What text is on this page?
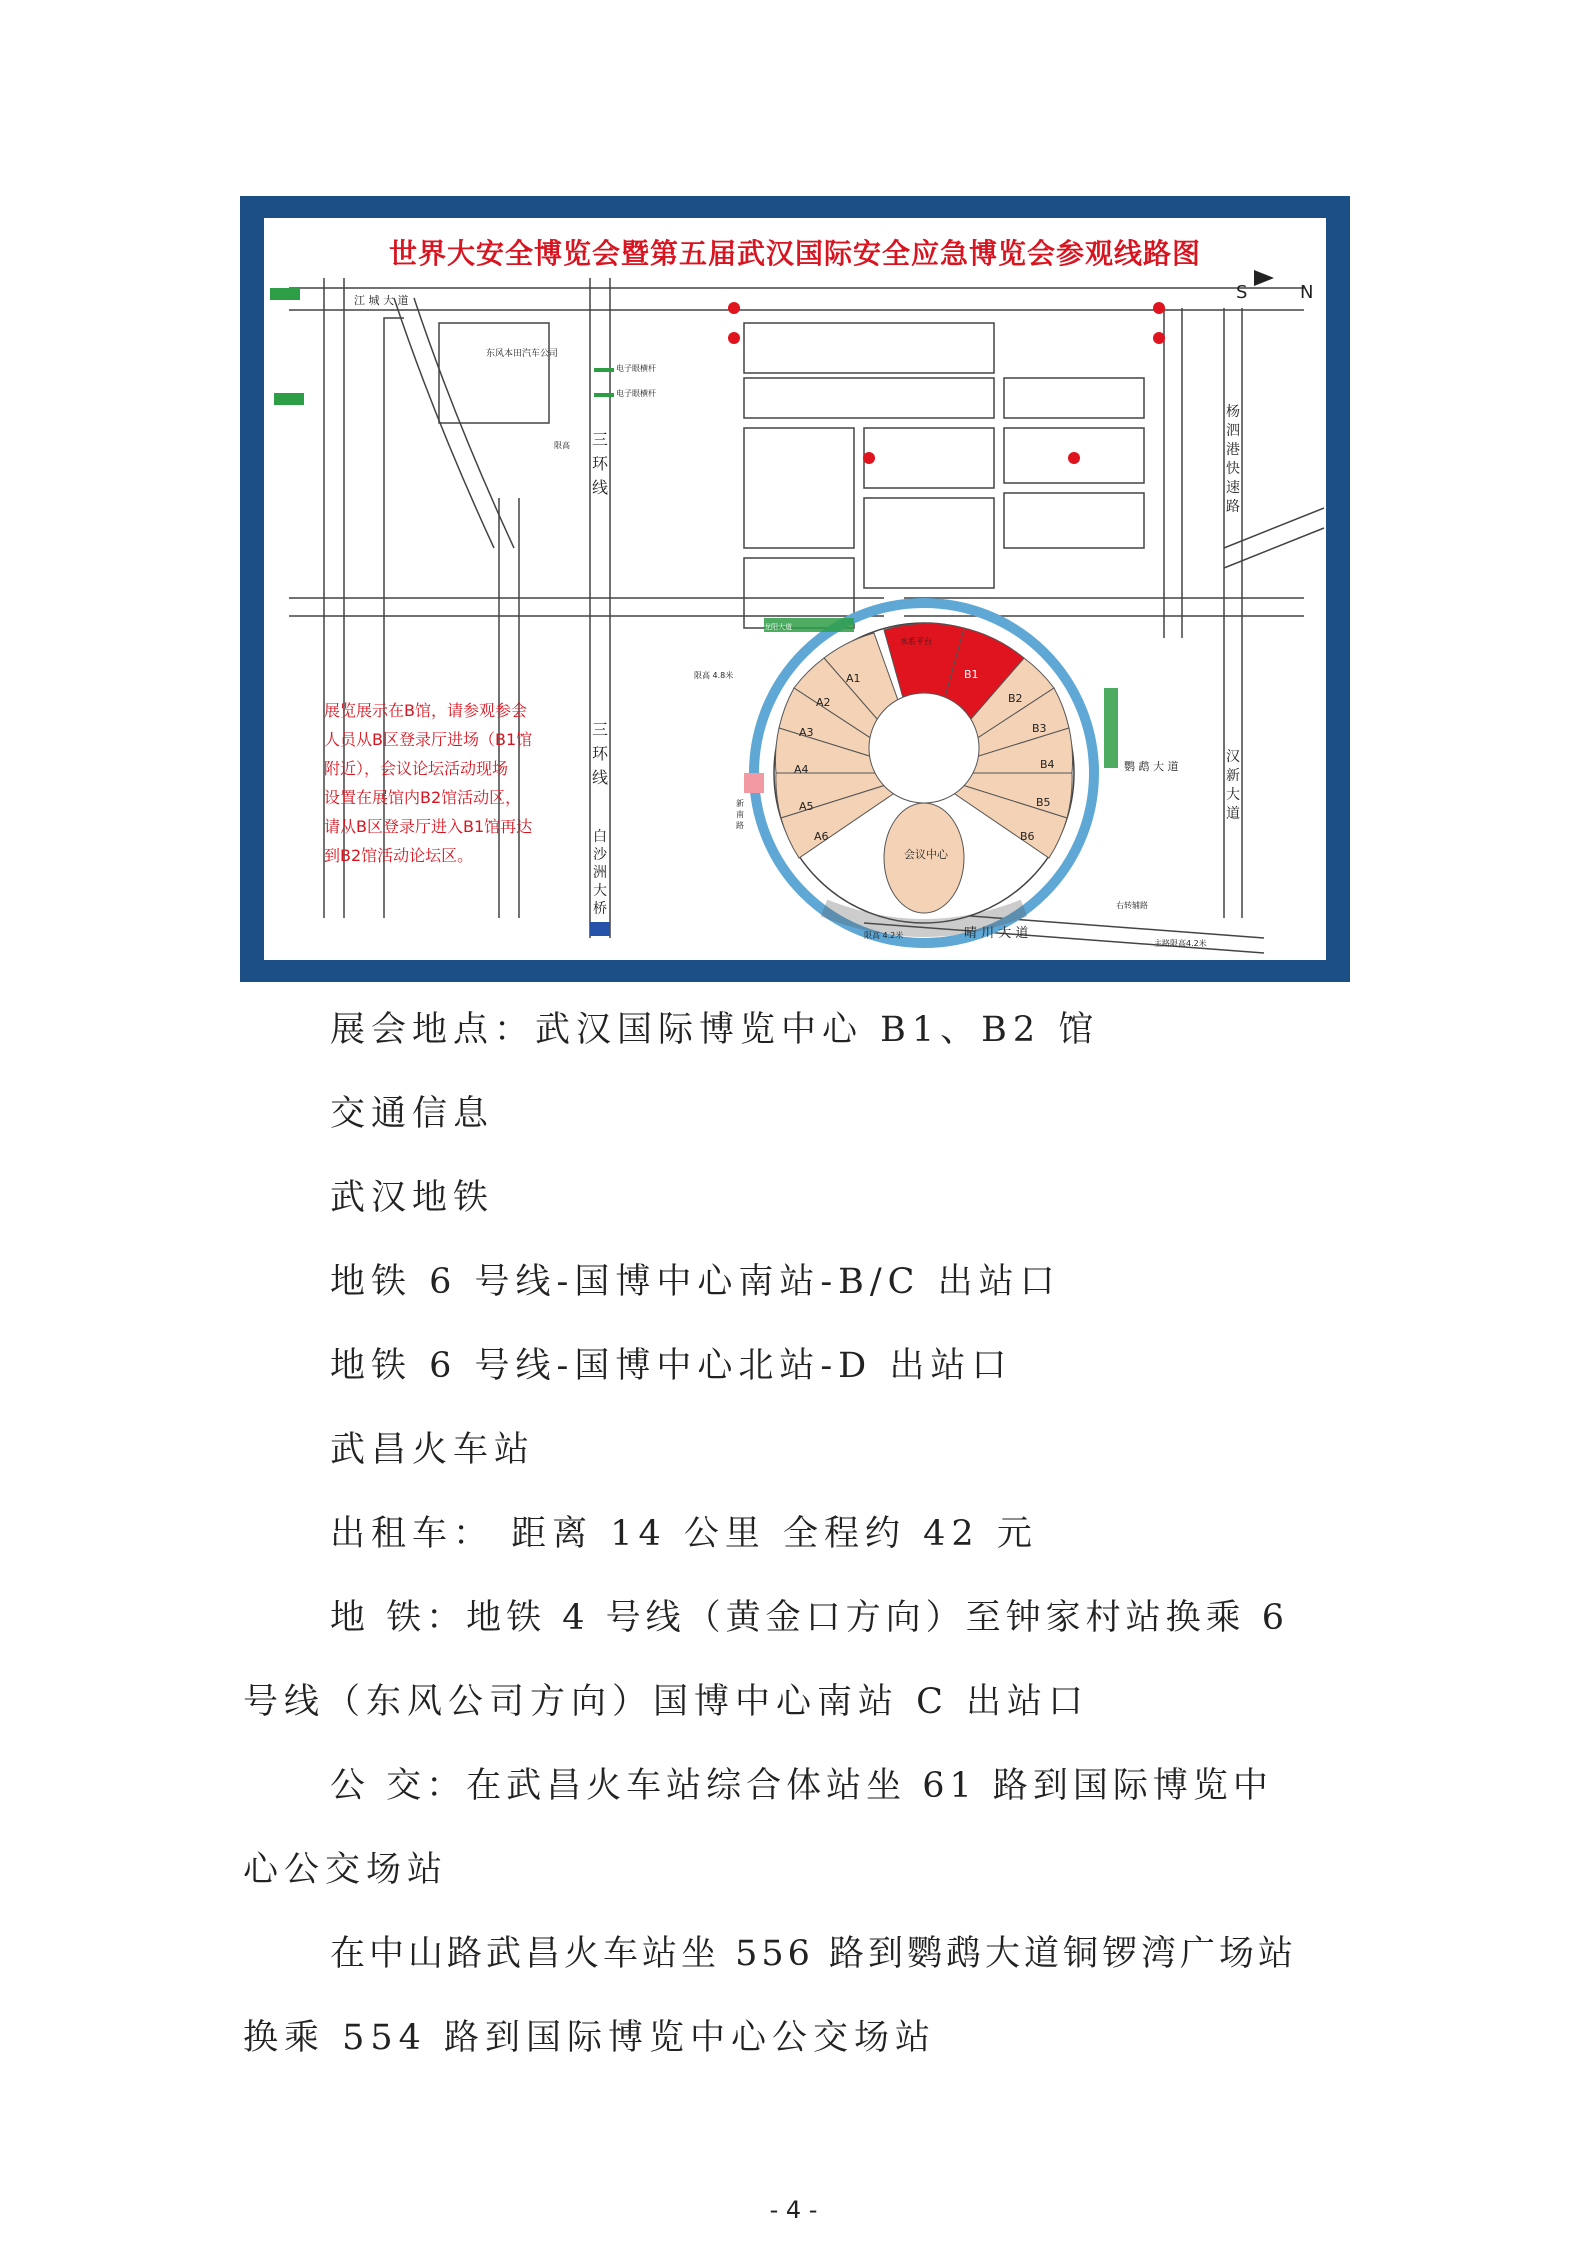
世界大安全博览会暨第五届武汉国际安全应急博览会参观线路图
S	N
展览展示在B馆，请参观参会
人员从B区登录厅进场（B1馆
附近），会议论坛活动现场
设置在展馆内B2馆活动区，
请从B区登录厅进入B1馆再达
到B2馆活动论坛区。
三
环
线
三
环
线
白
沙
洲
大
桥
杨
泗
港
快
速
路
汉
新
大
道
晴 川 大 道
鹦 鹉 大 道
江 城 大 道
东风本田汽车公司
电子眼横杆
电子眼横杆
限高
水系平台
会议中心
右转辅路
主路限高4.2米
限高 4.2米
限高 4.8米
龙阳大道
新 南 路
A1
A2
A3
A4
A5
A6
B1
B2
B3
B4
B5
B6
展会地点：武汉国际博览中心 B1、B2 馆
交通信息
武汉地铁
地铁 6 号线-国博中心南站-B/C 出站口
地铁 6 号线-国博中心北站-D 出站口
武昌火车站
出租车： 距离 14 公里 全程约 42 元
地 铁：地铁 4 号线（黄金口方向）至钟家村站换乘 6
号线（东风公司方向）国博中心南站 C 出站口
公 交：在武昌火车站综合体站坐 61 路到国际博览中
心公交场站
在中山路武昌火车站坐 556 路到鹦鹉大道铜锣湾广场站
换乘 554 路到国际博览中心公交场站
- 4 -
